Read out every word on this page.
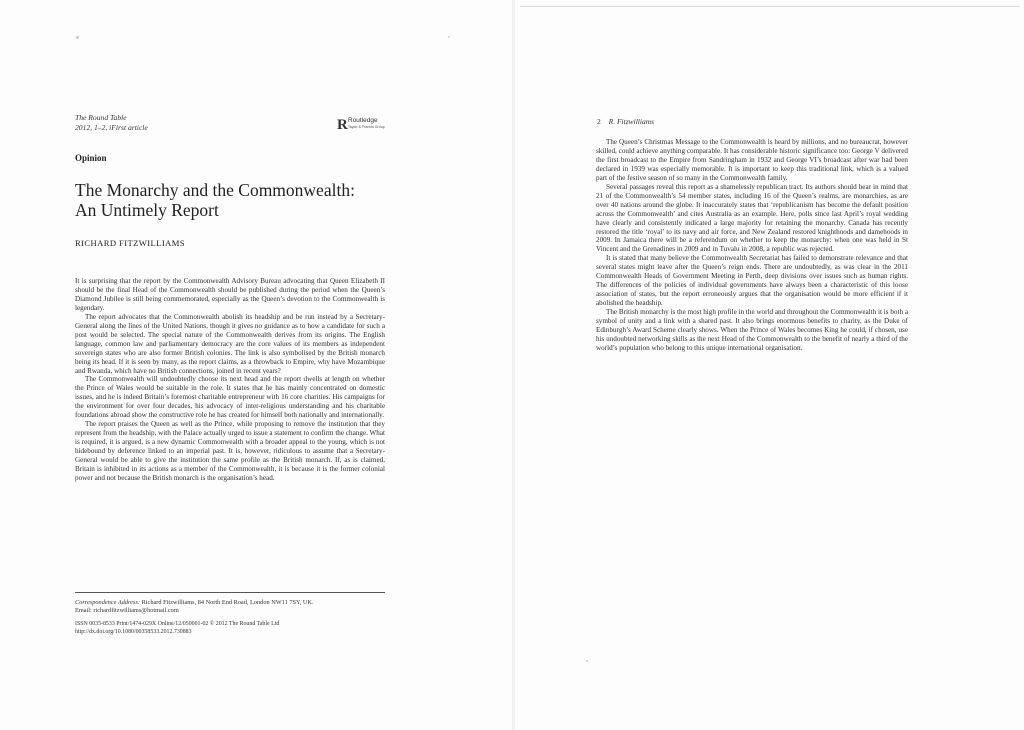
The Round Table
2012, 1–2, iFirst article	R Routledge
Taylor & Francis Group
Opinion
The Monarchy and the Commonwealth:
An Untimely Report
RICHARD FITZWILLIAMS

It is surprising that the report by the Commonwealth Advisory Bureau advocating that Queen Elizabeth II should be the final Head of the Commonwealth should be published during the period when the Queen’s Diamond Jubilee is still being commemorated, especially as the Queen’s devotion to the Commonwealth is legendary.

The report advocates that the Commonwealth abolish its headship and be run instead by a Secretary-General along the lines of the United Nations, though it gives no guidance as to how a candidate for such a post would be selected. The special nature of the Commonwealth derives from its origins. The English language, common law and parliamentary democracy are the core values of its members as independent sovereign states who are also former British colonies. The link is also symbolised by the British monarch being its head. If it is seen by many, as the report claims, as a throwback to Empire, why have Mozambique and Rwanda, which have no British connections, joined in recent years?

The Commonwealth will undoubtedly choose its next head and the report dwells at length on whether the Prince of Wales would be suitable in the role. It states that he has mainly concentrated on domestic issues, and he is indeed Britain’s foremost charitable entrepreneur with 16 core charities. His campaigns for the environment for over four decades, his advocacy of inter-religious understanding and his charitable foundations abroad show the constructive role he has created for himself both nationally and internationally.

The report praises the Queen as well as the Prince, while proposing to remove the institution that they represent from the headship, with the Palace actually urged to issue a statement to confirm the change. What is required, it is argued, is a new dynamic Commonwealth with a broader appeal to the young, which is not hidebound by deference linked to an imperial past. It is, however, ridiculous to assume that a Secretary-General would be able to give the institution the same profile as the British monarch. If, as is claimed, Britain is inhibited in its actions as a member of the Commonwealth, it is because it is the former colonial power and not because the British monarch is the organisation’s head.

Correspondence Address: Richard Fitzwilliams, 84 North End Road, London NW11 7SY, UK.
Email: richardfitzwilliams@hotmail.com
ISSN 0035-8533 Print/1474-029X Online/12/050001-02 © 2012 The Round Table Ltd
http://dx.doi.org/10.1080/00358533.2012.730883
2 R. Fitzwilliams

The Queen’s Christmas Message to the Commonwealth is heard by millions, and no bureaucrat, however skilled, could achieve anything comparable. It has considerable historic significance too: George V delivered the first broadcast to the Empire from Sandringham in 1932 and George VI’s broadcast after war had been declared in 1939 was especially memorable. It is important to keep this traditional link, which is a valued part of the festive season of so many in the Commonwealth family.

Several passages reveal this report as a shamelessly republican tract. Its authors should bear in mind that 21 of the Commonwealth’s 54 member states, including 16 of the Queen’s realms, are monarchies, as are over 40 nations around the globe. It inaccurately states that ‘republicanism has become the default position across the Commonwealth’ and cites Australia as an example. Here, polls since last April’s royal wedding have clearly and consistently indicated a large majority for retaining the monarchy. Canada has recently restored the title ‘royal’ to its navy and air force, and New Zealand restored knighthoods and damehoods in 2009. In Jamaica there will be a referendum on whether to keep the monarchy: when one was held in St Vincent and the Grenadines in 2009 and in Tuvalu in 2008, a republic was rejected.

It is stated that many believe the Commonwealth Secretariat has failed to demonstrate relevance and that several states might leave after the Queen’s reign ends. There are undoubtedly, as was clear in the 2011 Commonwealth Heads of Government Meeting in Perth, deep divisions over issues such as human rights. The differences of the policies of individual governments have always been a characteristic of this loose association of states, but the report erroneously argues that the organisation would be more efficient if it abolished the headship.

The British monarchy is the most high profile in the world and throughout the Commonwealth it is both a symbol of unity and a link with a shared past. It also brings enormous benefits to charity, as the Duke of Edinburgh’s Award Scheme clearly shows. When the Prince of Wales becomes King he could, if chosen, use his undoubted networking skills as the next Head of the Commonwealth to the benefit of nearly a third of the world’s population who belong to this unique international organisation.
